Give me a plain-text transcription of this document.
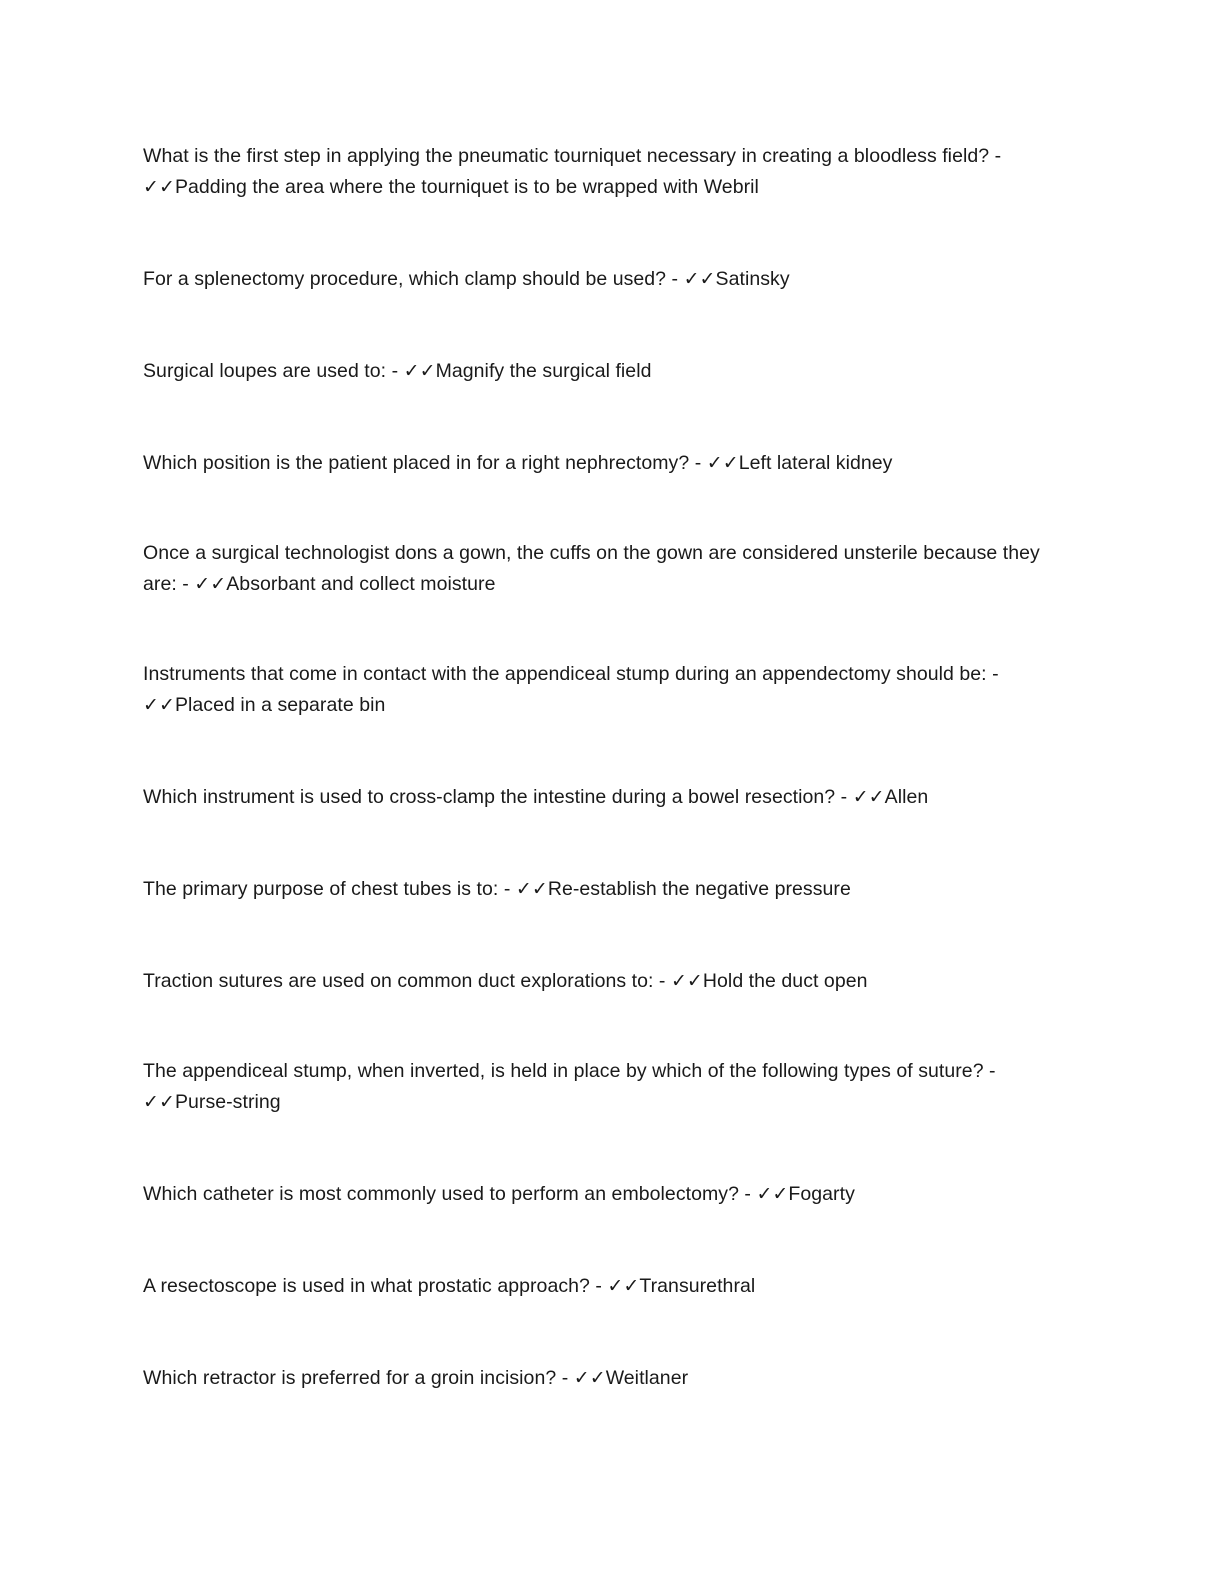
What is the first step in applying the pneumatic tourniquet necessary in creating a bloodless field? -
✓✓Padding the area where the tourniquet is to be wrapped with Webril
For a splenectomy procedure, which clamp should be used? - ✓✓Satinsky
Surgical loupes are used to: - ✓✓Magnify the surgical field
Which position is the patient placed in for a right nephrectomy? - ✓✓Left lateral kidney
Once a surgical technologist dons a gown, the cuffs on the gown are considered unsterile because they are: - ✓✓Absorbant and collect moisture
Instruments that come in contact with the appendiceal stump during an appendectomy should be: -
✓✓Placed in a separate bin
Which instrument is used to cross-clamp the intestine during a bowel resection? - ✓✓Allen
The primary purpose of chest tubes is to: - ✓✓Re-establish the negative pressure
Traction sutures are used on common duct explorations to: - ✓✓Hold the duct open
The appendiceal stump, when inverted, is held in place by which of the following types of suture? -
✓✓Purse-string
Which catheter is most commonly used to perform an embolectomy? - ✓✓Fogarty
A resectoscope is used in what prostatic approach? - ✓✓Transurethral
Which retractor is preferred for a groin incision? - ✓✓Weitlaner
